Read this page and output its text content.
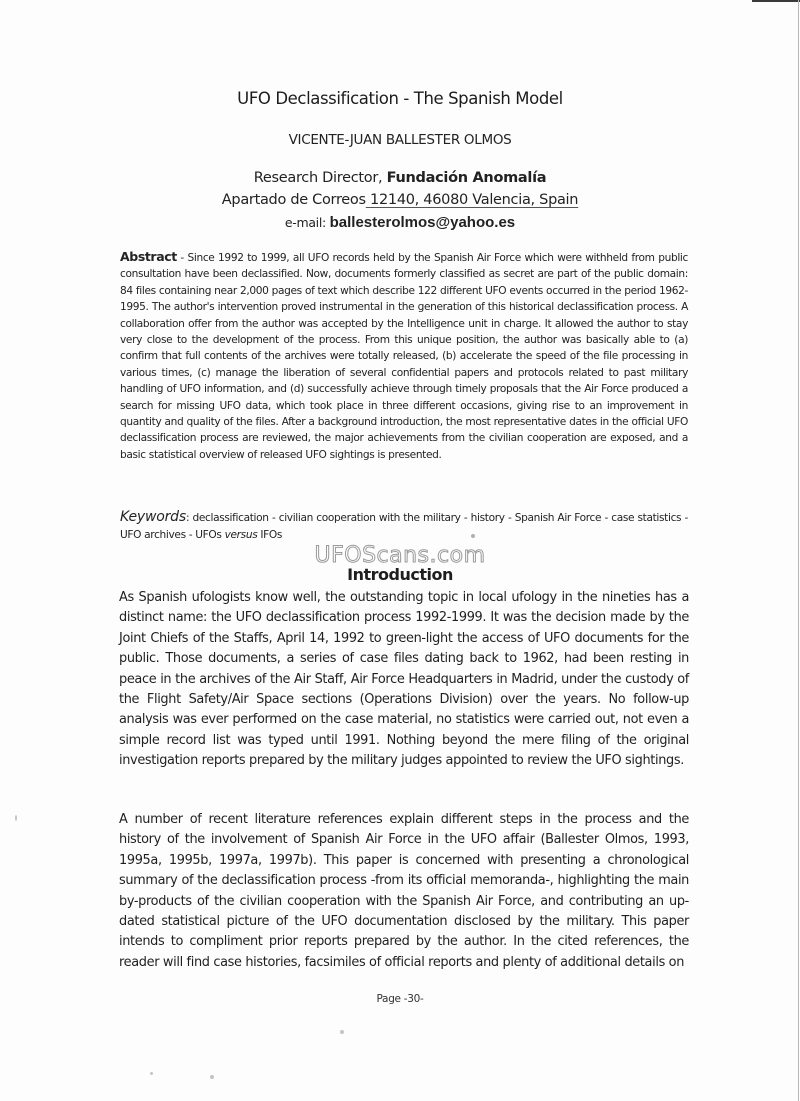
UFO Declassification - The Spanish Model
VICENTE-JUAN BALLESTER OLMOS
Research Director, Fundación Anomalía
Apartado de Correos 12140, 46080 Valencia, Spain
e-mail: ballesterolmos@yahoo.es
Abstract - Since 1992 to 1999, all UFO records held by the Spanish Air Force which were withheld from public consultation have been declassified. Now, documents formerly classified as secret are part of the public domain: 84 files containing near 2,000 pages of text which describe 122 different UFO events occurred in the period 1962-1995. The author's intervention proved instrumental in the generation of this historical declassification process. A collaboration offer from the author was accepted by the Intelligence unit in charge. It allowed the author to stay very close to the development of the process. From this unique position, the author was basically able to (a) confirm that full contents of the archives were totally released, (b) accelerate the speed of the file processing in various times, (c) manage the liberation of several confidential papers and protocols related to past military handling of UFO information, and (d) successfully achieve through timely proposals that the Air Force produced a search for missing UFO data, which took place in three different occasions, giving rise to an improvement in quantity and quality of the files. After a background introduction, the most representative dates in the official UFO declassification process are reviewed, the major achievements from the civilian cooperation are exposed, and a basic statistical overview of released UFO sightings is presented.
Keywords: declassification - civilian cooperation with the military - history - Spanish Air Force - case statistics - UFO archives - UFOs versus IFOs
UFOScans.com
Introduction
As Spanish ufologists know well, the outstanding topic in local ufology in the nineties has a distinct name: the UFO declassification process 1992-1999. It was the decision made by the Joint Chiefs of the Staffs, April 14, 1992 to green-light the access of UFO documents for the public. Those documents, a series of case files dating back to 1962, had been resting in peace in the archives of the Air Staff, Air Force Headquarters in Madrid, under the custody of the Flight Safety/Air Space sections (Operations Division) over the years. No follow-up analysis was ever performed on the case material, no statistics were carried out, not even a simple record list was typed until 1991. Nothing beyond the mere filing of the original investigation reports prepared by the military judges appointed to review the UFO sightings.
A number of recent literature references explain different steps in the process and the history of the involvement of Spanish Air Force in the UFO affair (Ballester Olmos, 1993, 1995a, 1995b, 1997a, 1997b). This paper is concerned with presenting a chronological summary of the declassification process -from its official memoranda-, highlighting the main by-products of the civilian cooperation with the Spanish Air Force, and contributing an up-dated statistical picture of the UFO documentation disclosed by the military. This paper intends to compliment prior reports prepared by the author. In the cited references, the reader will find case histories, facsimiles of official reports and plenty of additional details on
Page -30-
